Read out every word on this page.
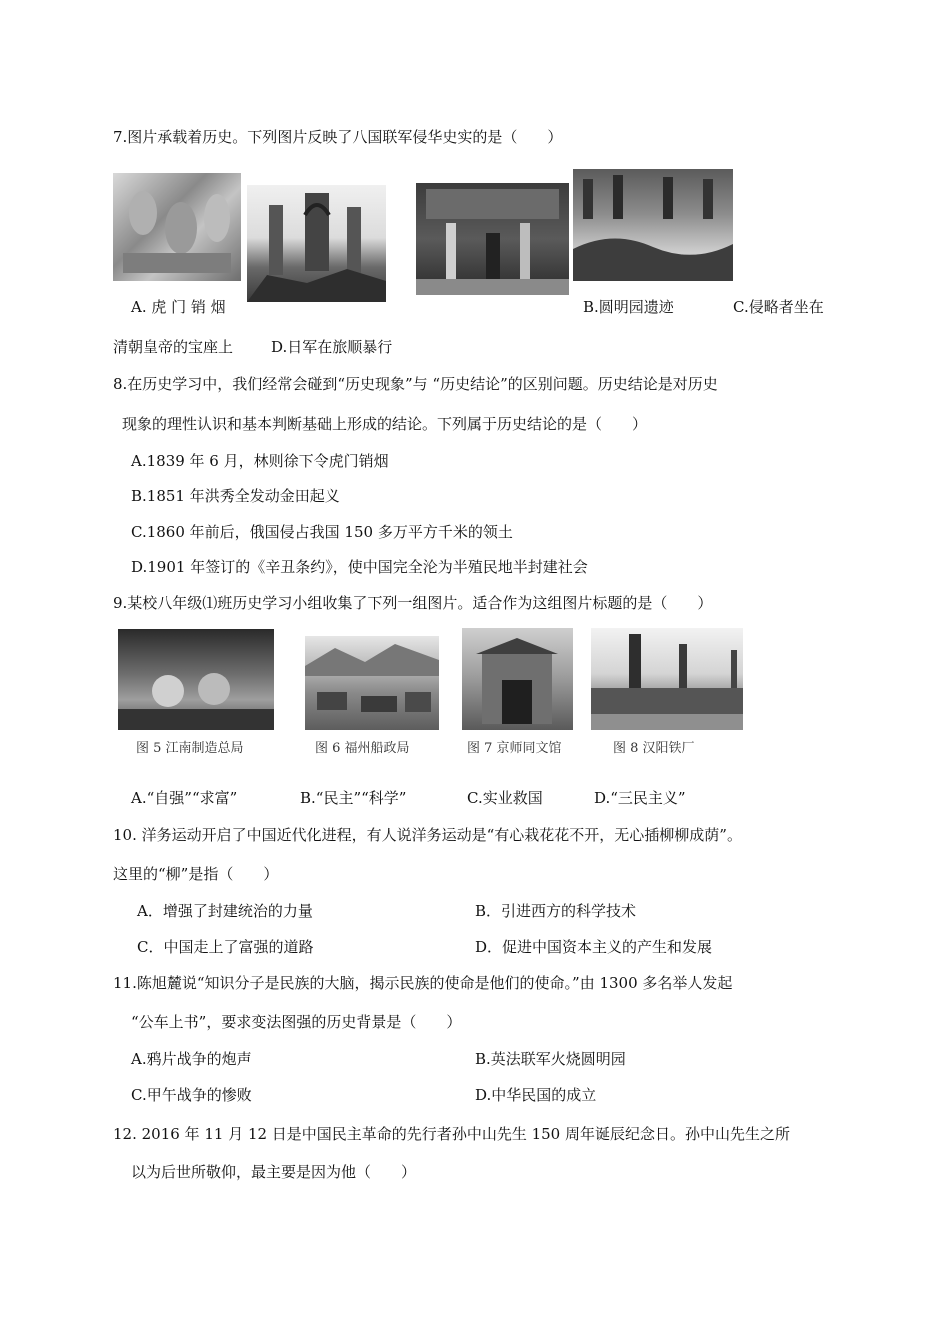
7.图片承载着历史。下列图片反映了八国联军侵华史实的是（　　）
A. 虎 门 销 烟	B.圆明园遗迹	C.侵略者坐在
清朝皇帝的宝座上	D.日军在旅顺暴行
8.在历史学习中，我们经常会碰到“历史现象”与 “历史结论”的区别问题。历史结论是对历史
现象的理性认识和基本判断基础上形成的结论。下列属于历史结论的是（　　）
A.1839 年 6 月，林则徐下令虎门销烟
B.1851 年洪秀全发动金田起义
C.1860 年前后，俄国侵占我国 150 多万平方千米的领土
D.1901 年签订的《辛丑条约》，使中国完全沦为半殖民地半封建社会
9.某校八年级⑴班历史学习小组收集了下列一组图片。适合作为这组图片标题的是（　　）
图 5 江南制造总局	图 6 福州船政局	图 7 京师同文馆	图 8 汉阳铁厂
A.“自强”“求富”	B.“民主”“科学”	C.实业救国	D.“三民主义”
10. 洋务运动开启了中国近代化进程，有人说洋务运动是“有心栽花花不开，无心插柳柳成荫”。
这里的“柳”是指（　　）
A．增强了封建统治的力量	B．引进西方的科学技术
C．中国走上了富强的道路	D．促进中国资本主义的产生和发展
11.陈旭麓说“知识分子是民族的大脑，揭示民族的使命是他们的使命。”由 1300 多名举人发起
“公车上书”，要求变法图强的历史背景是（　　）
A.鸦片战争的炮声	B.英法联军火烧圆明园
C.甲午战争的惨败	D.中华民国的成立
12. 2016 年 11 月 12 日是中国民主革命的先行者孙中山先生 150 周年诞辰纪念日。孙中山先生之所
以为后世所敬仰，最主要是因为他（　　）
